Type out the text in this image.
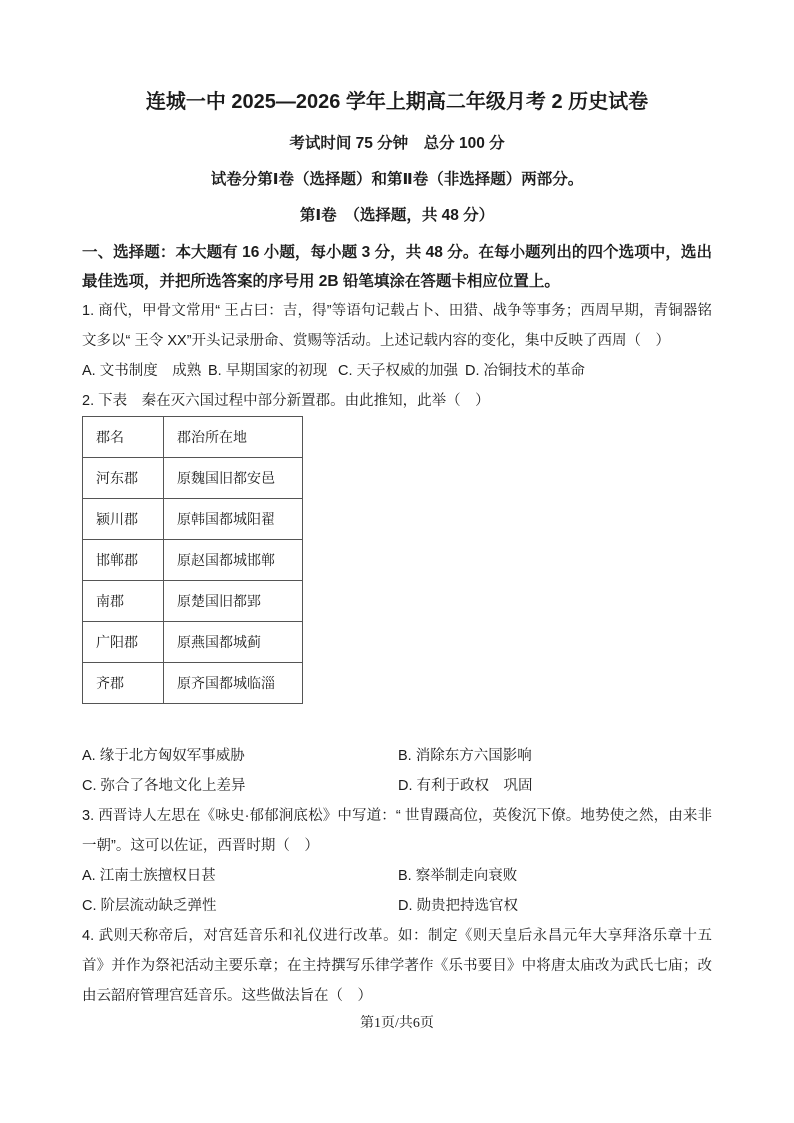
连城一中 2025—2026 学年上期高二年级月考 2 历史试卷
考试时间 75 分钟　总分 100 分
试卷分第Ⅰ卷（选择题）和第Ⅱ卷（非选择题）两部分。
第Ⅰ卷　（选择题，共 48 分）

一、选择题：本大题有 16 小题，每小题 3 分，共 48 分。在每小题列出的四个选项中，选出最佳选项，并把所选答案的序号用 2B 铅笔填涂在答题卡相应位置上。

1. 商代，甲骨文常用“ 王占曰：吉，得”等语句记载占卜、田猎、战争等事务；西周早期，青铜器铭文多以“ 王令 XX”开头记录册命、赏赐等活动。上述记载内容的变化，集中反映了西周（　）

A. 文书制度　成熟 B. 早期国家的初现 C. 天子权威的加强 D. 冶铜技术的革命

2. 下表　秦在灭六国过程中部分新置郡。由此推知，此举（　）

郡名	郡治所在地
河东郡	原魏国旧都安邑
颍川郡	原韩国都城阳翟
邯郸郡	原赵国都城邯郸
南郡	原楚国旧都郢
广阳郡	原燕国都城蓟
齐郡	原齐国都城临淄
A. 缘于北方匈奴军事威胁	B. 消除东方六国影响
C. 弥合了各地文化上差异	D. 有利于政权　巩固

3. 西晋诗人左思在《咏史·郁郁涧底松》中写道：“ 世胄蹑高位，英俊沉下僚。地势使之然，由来非一朝”。这可以佐证，西晋时期（　）

A. 江南士族擅权日甚	B. 察举制走向衰败
C. 阶层流动缺乏弹性	D. 勋贵把持选官权

4. 武则天称帝后，对宫廷音乐和礼仪进行改革。如：制定《则天皇后永昌元年大享拜洛乐章十五首》并作为祭祀活动主要乐章；在主持撰写乐律学著作《乐书要目》中将唐太庙改为武氏七庙；改由云韶府管理宫廷音乐。这些做法旨在（　）

第1页/共6页
